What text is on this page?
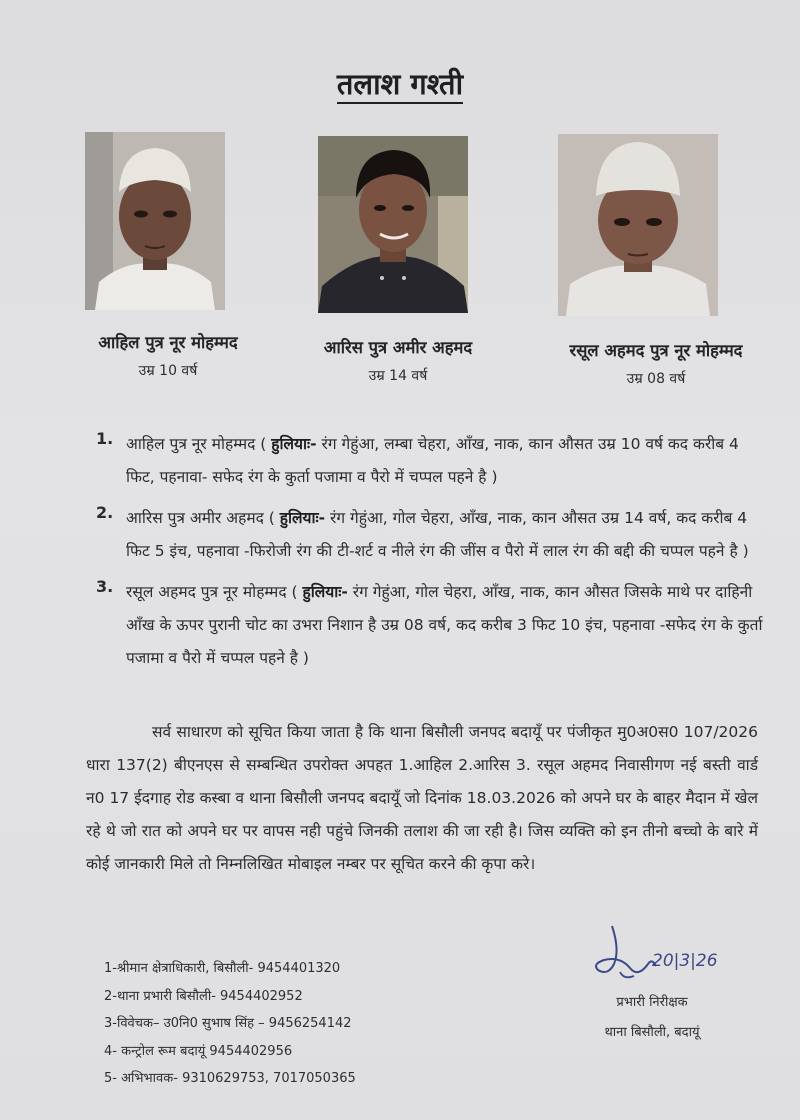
तलाश गश्ती
आहिल पुत्र नूर मोहम्मद
उम्र 10 वर्ष
आरिस पुत्र अमीर अहमद
उम्र 14 वर्ष
रसूल अहमद पुत्र नूर मोहम्मद
उम्र 08 वर्ष
1. आहिल पुत्र नूर मोहम्मद ( हुलियाः- रंग गेहुंआ, लम्बा चेहरा, आँख, नाक, कान औसत उम्र 10 वर्ष कद करीब 4 फिट, पहनावा- सफेद रंग के कुर्ता पजामा व पैरो में चप्पल पहने है )
2. आरिस पुत्र अमीर अहमद ( हुलियाः- रंग गेहुंआ, गोल चेहरा, आँख, नाक, कान औसत उम्र 14 वर्ष, कद करीब 4 फिट 5 इंच, पहनावा -फिरोजी रंग की टी-शर्ट व नीले रंग की जींस व पैरो में लाल रंग की बद्दी की चप्पल पहने है )
3. रसूल अहमद पुत्र नूर मोहम्मद ( हुलियाः- रंग गेहुंआ, गोल चेहरा, आँख, नाक, कान औसत जिसके माथे पर दाहिनी आँख के ऊपर पुरानी चोट का उभरा निशान है उम्र 08 वर्ष, कद करीब 3 फिट 10 इंच, पहनावा -सफेद रंग के कुर्ता पजामा व पैरो में चप्पल पहने है )
सर्व साधारण को सूचित किया जाता है कि थाना बिसौली जनपद बदायूँ पर पंजीकृत मु0अ0स0 107/2026 धारा 137(2) बीएनएस से सम्बन्धित उपरोक्त अपहत 1.आहिल 2.आरिस 3. रसूल अहमद निवासीगण नई बस्ती वार्ड न0 17 ईदगाह रोड कस्बा व थाना बिसौली जनपद बदायूँ जो दिनांक 18.03.2026 को अपने घर के बाहर मैदान में खेल रहे थे जो रात को अपने घर पर वापस नही पहुंचे जिनकी तलाश की जा रही है। जिस व्यक्ति को इन तीनो बच्चो के बारे में कोई जानकारी मिले तो निम्नलिखित मोबाइल नम्बर पर सूचित करने की कृपा करे।
1-श्रीमान क्षेत्राधिकारी, बिसौली- 9454401320
2-थाना प्रभारी बिसौली- 9454402952
3-विवेचक– उ0नि0 सुभाष सिंह – 9456254142
4- कन्ट्रोल रूम बदायूं 9454402956
5- अभिभावक- 9310629753, 7017050365
20|3|26
प्रभारी निरीक्षक
थाना बिसौली, बदायूं
